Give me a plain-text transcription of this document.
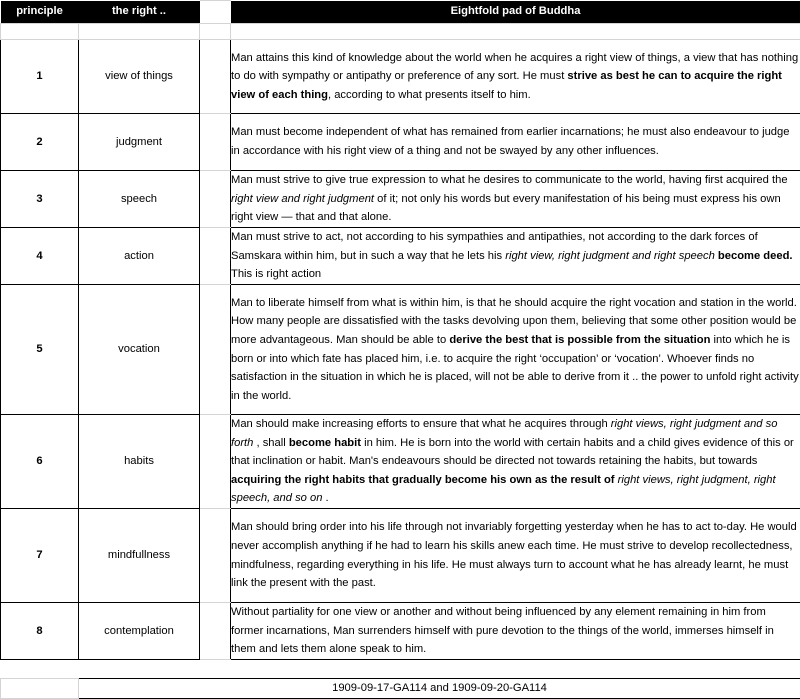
principle	the right ..		Eightfold pad of Buddha

1	view of things		Man attains this kind of knowledge about the world when he acquires a right view of things, a view that has nothing to do with sympathy or antipathy or preference of any sort. He must strive as best he can to acquire the right view of each thing, according to what presents itself to him.
2	judgment		Man must become independent of what has remained from earlier incarnations; he must also endeavour to judge in accordance with his right view of a thing and not be swayed by any other influences.
3	speech		Man must strive to give true expression to what he desires to communicate to the world, having first acquired the right view and right judgment of it; not only his words but every manifestation of his being must express his own right view — that and that alone.
4	action		Man must strive to act, not according to his sympathies and antipathies, not according to the dark forces of Samskara within him, but in such a way that he lets his right view, right judgment and right speech become deed. This is right action
5	vocation		Man to liberate himself from what is within him, is that he should acquire the right vocation and station in the world. How many people are dissatisfied with the tasks devolving upon them, believing that some other position would be more advantageous. Man should be able to derive the best that is possible from the situation into which he is born or into which fate has placed him, i.e. to acquire the right ‘occupation’ or ‘vocation’. Whoever finds no satisfaction in the situation in which he is placed, will not be able to derive from it .. the power to unfold right activity in the world.
6	habits		Man should make increasing efforts to ensure that what he acquires through right views, right judgment and so forth , shall become habit in him. He is born into the world with certain habits and a child gives evidence of this or that inclination or habit. Man's endeavours should be directed not towards retaining the habits, but towards acquiring the right habits that gradually become his own as the result of right views, right judgment, right speech, and so on .
7	mindfullness		Man should bring order into his life through not invariably forgetting yesterday when he has to act to-day. He would never accomplish anything if he had to learn his skills anew each time. He must strive to develop recollectedness, mindfulness, regarding everything in his life. He must always turn to account what he has already learnt, he must link the present with the past.
8	contemplation		Without partiality for one view or another and without being influenced by any element remaining in him from former incarnations, Man surrenders himself with pure devotion to the things of the world, immerses himself in them and lets them alone speak to him.
	1909-09-17-GA114 and 1909-09-20-GA114
